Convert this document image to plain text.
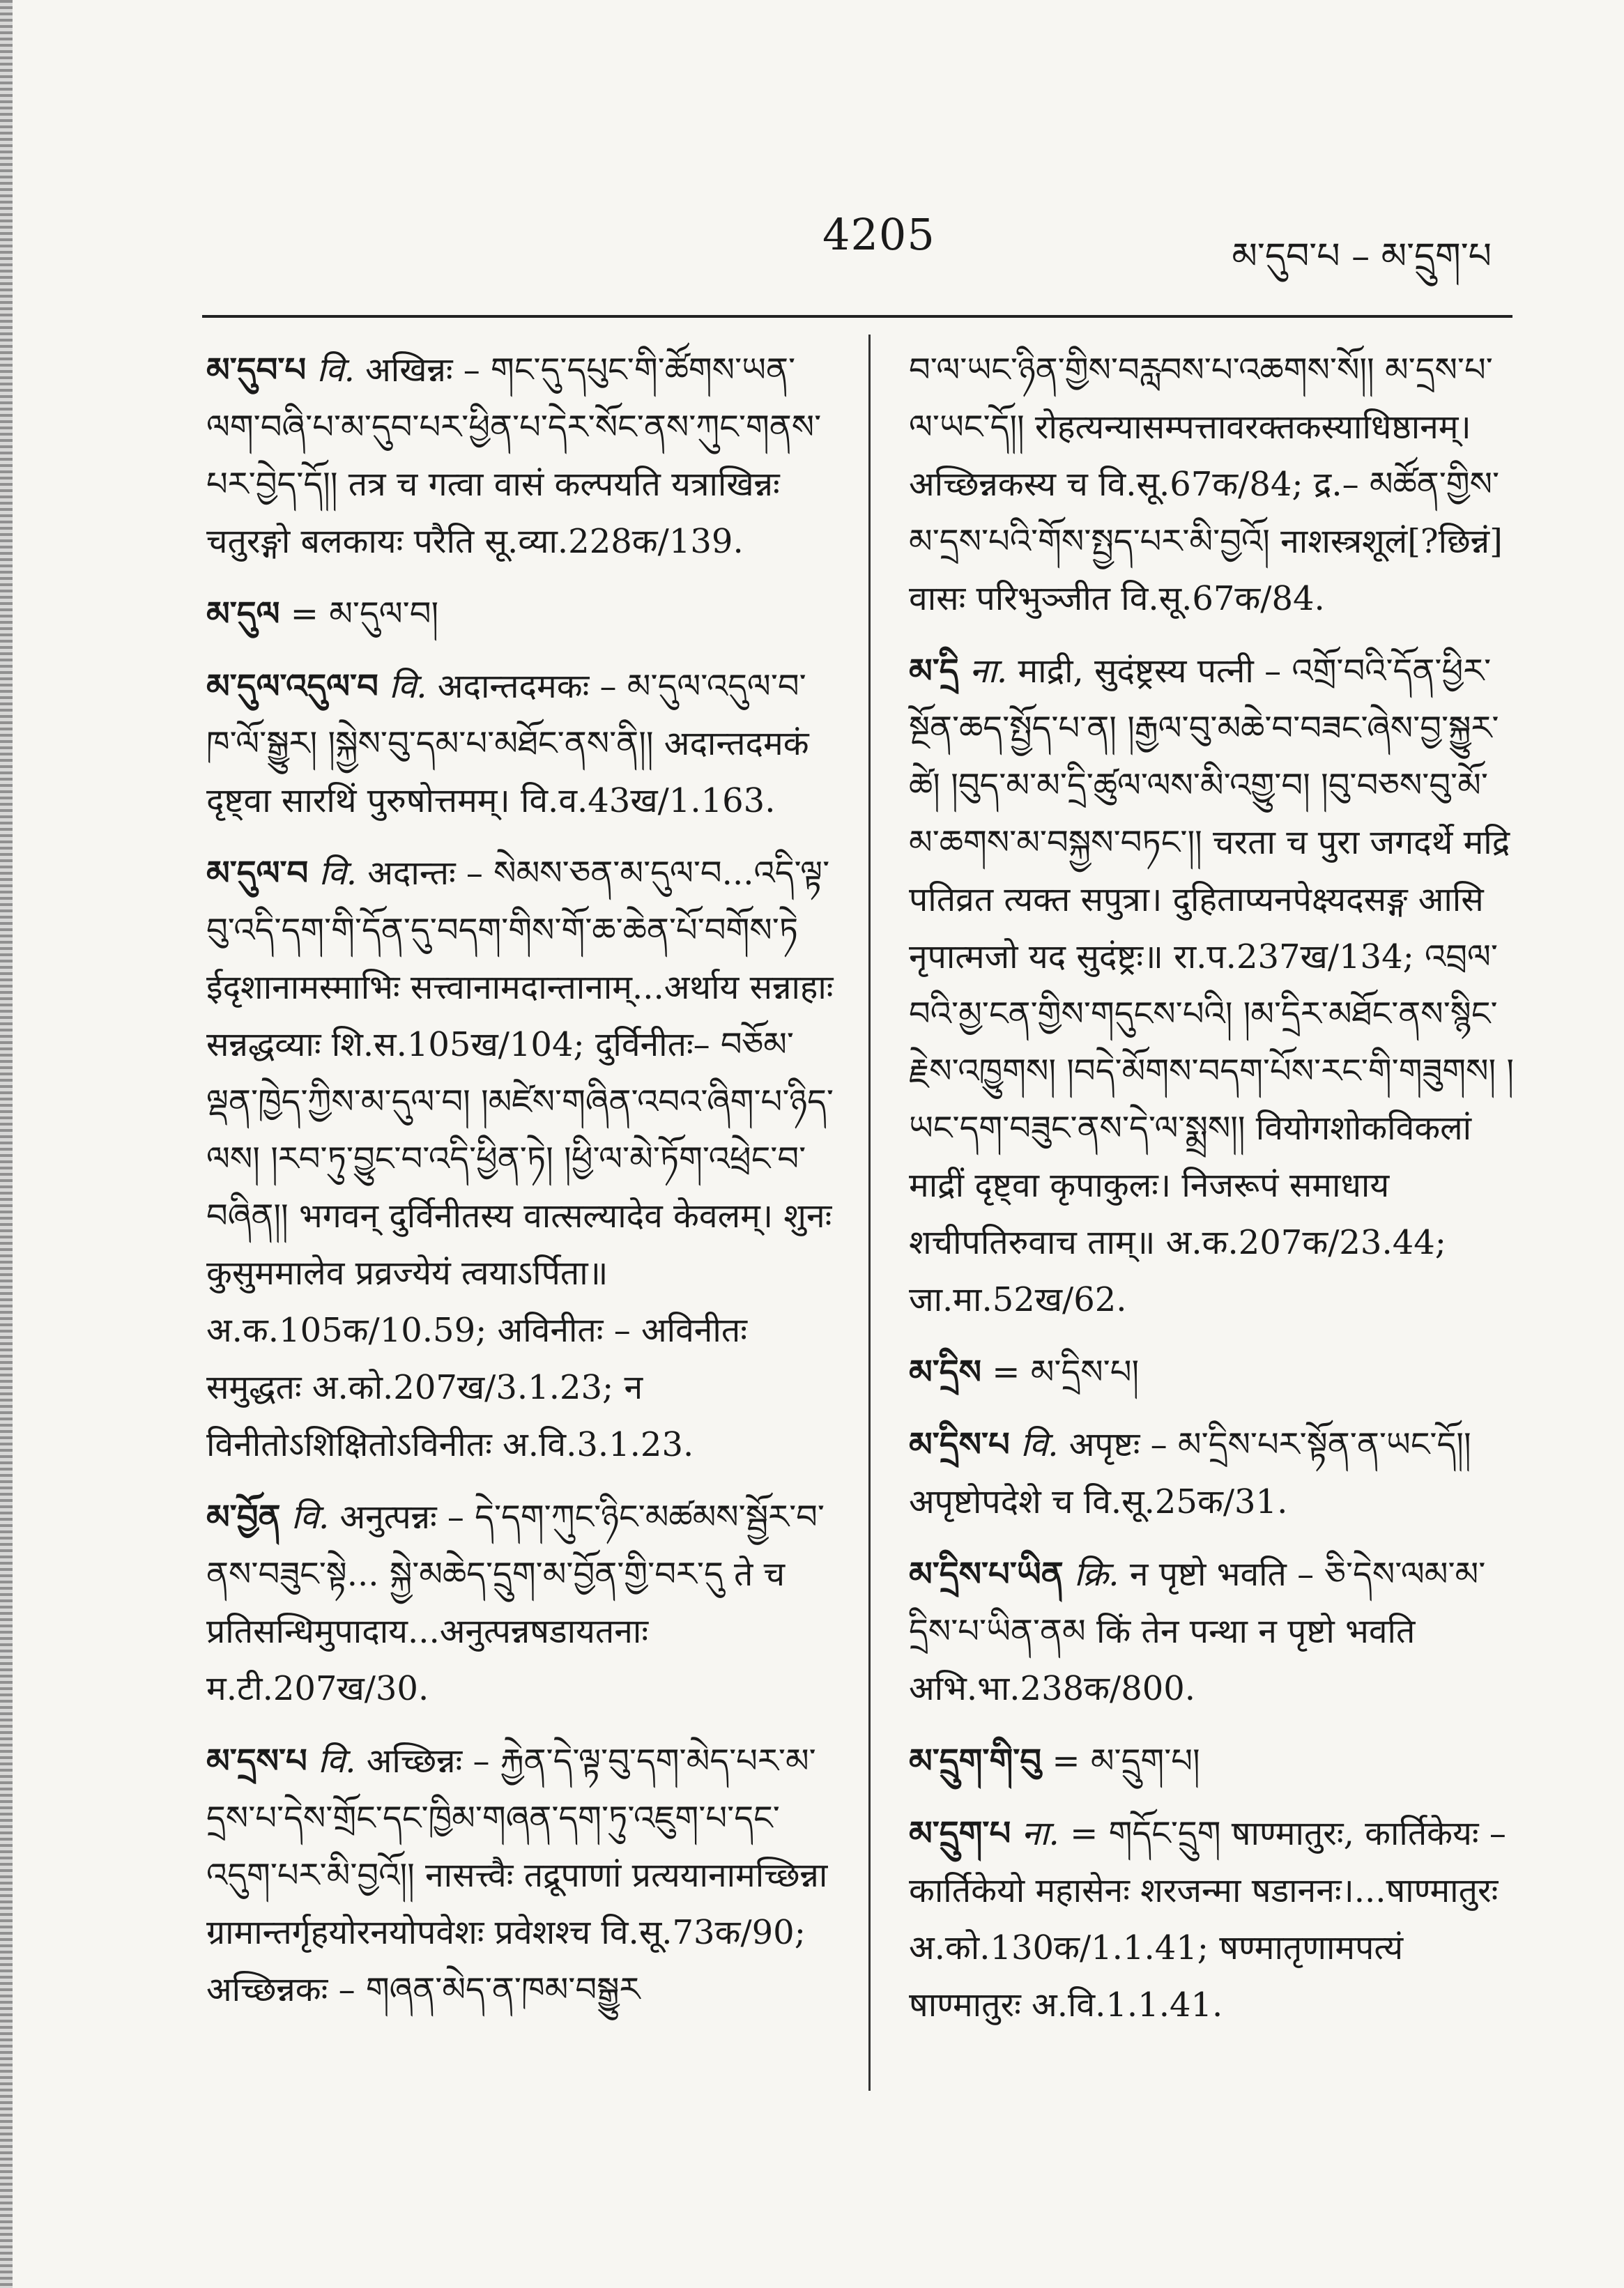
4205	མ་དུབ་པ – མ་དྲུག་པ

མ་དུབ་པ वि. अखिन्नः – གང་དུ་དཔུང་གི་ཚོགས་ཡན་ལག་བཞི་པ་མ་དུབ་པར་ཕྱིན་པ་དེར་སོང་ནས་ཀུང་གནས་པར་བྱེད་དོ།། तत्र च गत्वा वासं कल्पयति यत्राखिन्नः चतुरङ्गो बलकायः परैति सू.व्या.228क/139.

མ་དུལ = མ་དུལ་བ།

མ་དུལ་འདུལ་བ वि. अदान्तदमकः – མ་དུལ་འདུལ་བ་ཁ་ལོ་སྒྱུར། །སྐྱེས་བུ་དམ་པ་མཐོང་ནས་ནི།། अदान्तदमकं दृष्ट्वा सारथिं पुरुषोत्तमम्। वि.व.43ख/1.163.

མ་དུལ་བ वि. अदान्तः – སེམས་ཅན་མ་དུལ་བ...འདི་ལྟ་བུ་འདི་དག་གི་དོན་དུ་བདག་གིས་གོ་ཆ་ཆེན་པོ་བགོས་ཏེ ईदृशानामस्माभिः सत्त्वानामदान्तानाम्...अर्थाय सन्नाहाः सन्नद्धव्याः शि.स.105ख/104; दुर्विनीतः– བཅོམ་ལྡན་ཁྱེད་ཀྱིས་མ་དུལ་བ། །མཛེས་གཞིན་འབའ་ཞིག་པ་ཉིད་ལས། །རབ་ཏུ་བྱུང་བ་འདི་ཕྱིན་ཏེ། །ཕྱི་ལ་མེ་ཏོག་འཕྲེང་བ་བཞིན།། भगवन् दुर्विनीतस्य वात्सल्यादेव केवलम्। शुनः कुसुममालेव प्रव्रज्येयं त्वयाऽर्पिता॥ अ.क.105क/10.59; अविनीतः – अविनीतः समुद्धतः अ.को.207ख/3.1.23; न विनीतोऽशिक्षितोऽविनीतः अ.वि.3.1.23.

མ་བྱོན वि. अनुत्पन्नः – དེ་དག་ཀུང་ཉིང་མཚམས་སྦྱོར་བ་ནས་བཟུང་སྟེ... སྐྱེ་མཆེད་དྲུག་མ་བྱོན་གྱི་བར་དུ ते च प्रतिसन्धिमुपादाय...अनुत्पन्नषडायतनाः म.टी.207ख/30.

མ་དྲས་པ वि. अच्छिन्नः – རྐྱེན་དེ་ལྟ་བུ་དག་མེད་པར་མ་དྲས་པ་དེས་གྲོང་དང་ཁྱིམ་གཞན་དག་ཏུ་འཇུག་པ་དང་འདུག་པར་མི་བྱའོ།། नासत्त्वैः तद्रूपाणां प्रत्ययानामच्छिन्ना ग्रामान्तर्गृहयोरनयोपवेशः प्रवेशश्च वि.सू.73क/90; अच्छिन्नकः – གཞན་མེད་ན་ཁམ་བསྒྱུར

བ་ལ་ཡང་ཉིན་གྱིས་བརླབས་པ་འཆགས་སོ།། མ་དྲས་པ་ལ་ཡང་དོ།། रोहत्यन्यासम्पत्तावरक्तकस्याधिष्ठानम्। अच्छिन्नकस्य च वि.सू.67क/84; द्र.– མཚོན་གྱིས་མ་དྲས་པའི་གོས་སྤྱད་པར་མི་བྱའོ། नाशस्त्रशूलं[?छिन्नं] वासः परिभुञ्जीत वि.सू.67क/84.

མ་དྲི ना. माद्री, सुदंष्ट्रस्य पत्नी – འགྲོ་བའི་དོན་ཕྱིར་སྔོན་ཆད་སྤྱོད་པ་ན། །རྒྱལ་བུ་མཆེ་བ་བཟང་ཞེས་བྱ་སྐྱུར་ཚེ། །བུད་མ་མ་དྲི་ཚུལ་ལས་མི་འགྱུ་བ། །བུ་བཅས་བུ་མོ་མ་ཆགས་མ་བསྐྱས་བཏང་།། चरता च पुरा जगदर्थे मद्रि पतिव्रत त्यक्त सपुत्रा। दुहिताप्यनपेक्ष्यदसङ्ग आसि नृपात्मजो यद सुदंष्ट्रः॥ रा.प.237ख/134; འབྲལ་བའི་མྱ་ངན་གྱིས་གདུངས་པའི། །མ་དྲིར་མཐོང་ནས་སྙིང་རྗེས་འཁྱུགས། །བདེ་མོགས་བདག་པོས་རང་གི་གཟུགས། །ཡང་དག་བཟུང་ནས་དེ་ལ་སྨྲས།། वियोगशोकविकलां माद्रीं दृष्ट्वा कृपाकुलः। निजरूपं समाधाय शचीपतिरुवाच ताम्॥ अ.क.207क/23.44; जा.मा.52ख/62.

མ་དྲིས = མ་དྲིས་པ།

མ་དྲིས་པ वि. अपृष्टः – མ་དྲིས་པར་སྟོན་ན་ཡང་དོ།། अपृष्टोपदेशे च वि.सू.25क/31.

མ་དྲིས་པ་ཡིན क्रि. न पृष्टो भवति – ཅི་དེས་ལམ་མ་དྲིས་པ་ཡིན་ནམ किं तेन पन्था न पृष्टो भवति अभि.भा.238क/800.

མ་དྲུག་གི་བུ = མ་དྲུག་པ།

མ་དྲུག་པ ना. = གདོང་དྲུག षाण्मातुरः, कार्तिकेयः – कार्तिकेयो महासेनः शरजन्मा षडाननः।...षाण्मातुरः अ.को.130क/1.1.41; षण्मातृणामपत्यं षाण्मातुरः अ.वि.1.1.41.
